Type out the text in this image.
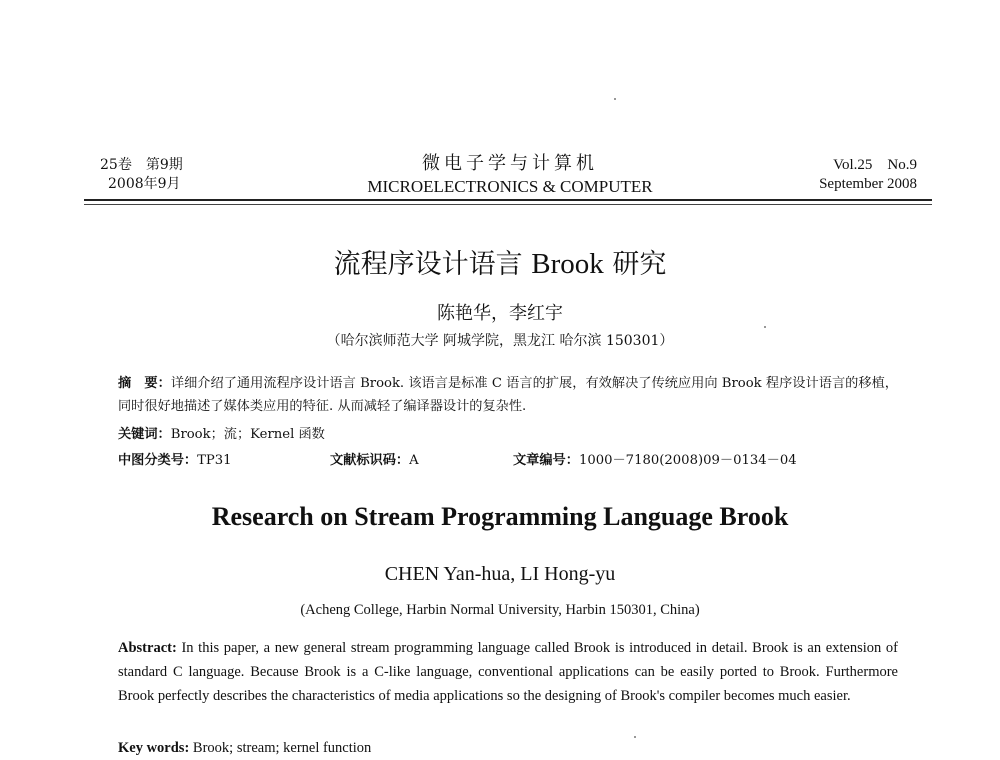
25卷　第9期
2008年9月
微电子学与计算机
MICROELECTRONICS & COMPUTER
Vol.25　No.9
September 2008
流程序设计语言 Brook 研究
陈艳华，李红宇
（哈尔滨师范大学 阿城学院，黑龙江 哈尔滨 150301）
摘　要：详细介绍了通用流程序设计语言 Brook. 该语言是标准 C 语言的扩展，有效解决了传统应用向 Brook 程序设计语言的移植，同时很好地描述了媒体类应用的特征. 从而减轻了编译器设计的复杂性.
关键词：Brook；流；Kernel 函数
中图分类号：TP31	文献标识码：A	文章编号：1000－7180(2008)09－0134－04
Research on Stream Programming Language Brook
CHEN Yan-hua, LI Hong-yu
(Acheng College, Harbin Normal University, Harbin 150301, China)
Abstract: In this paper, a new general stream programming language called Brook is introduced in detail. Brook is an extension of standard C language. Because Brook is a C-like language, conventional applications can be easily ported to Brook. Furthermore Brook perfectly describes the characteristics of media applications so the designing of Brook's compiler becomes much easier.
Key words: Brook; stream; kernel function
